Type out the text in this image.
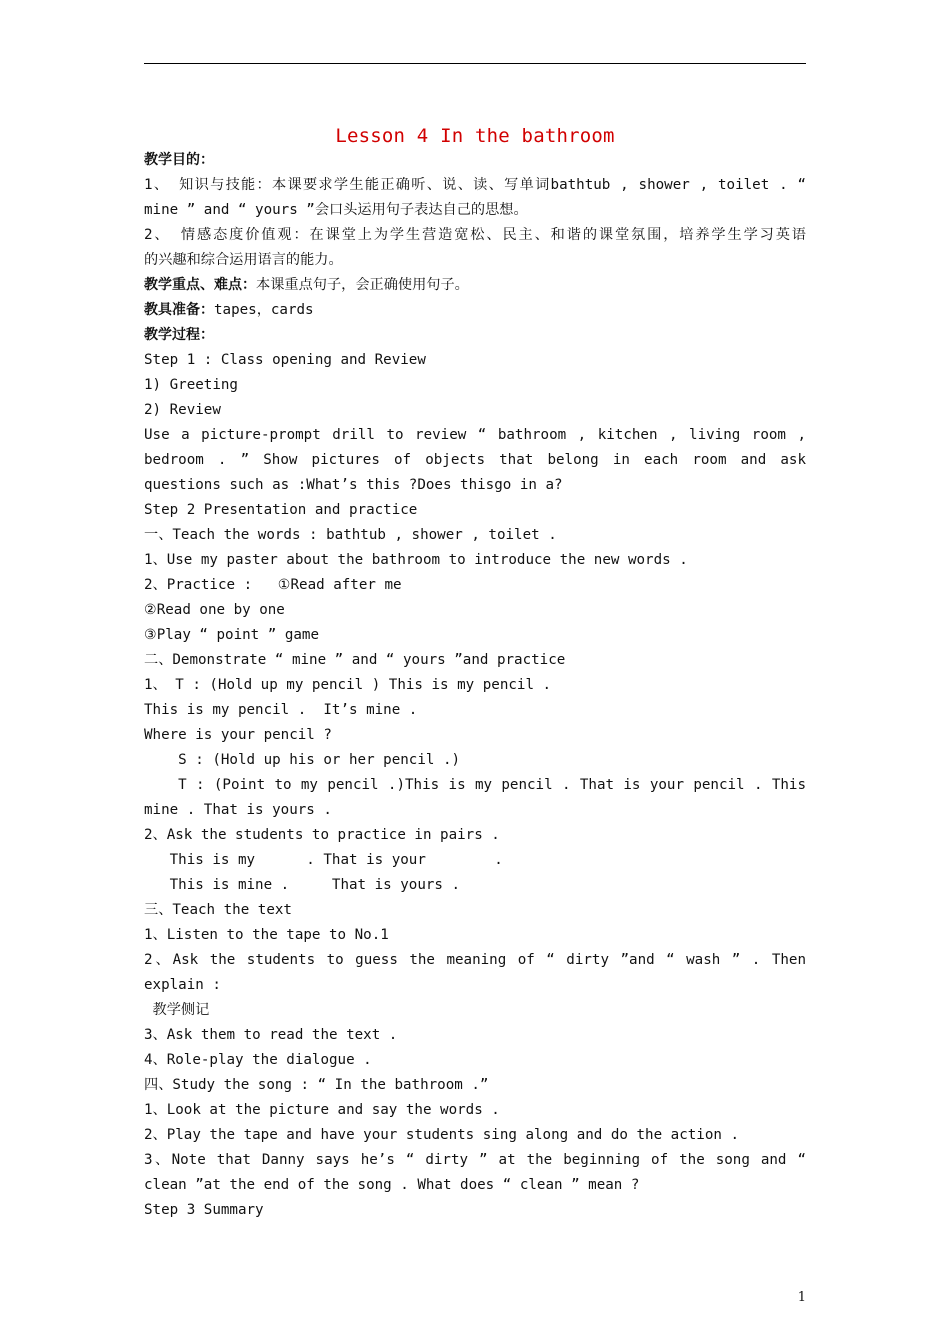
Lesson 4 In the bathroom
教学目的：
1、 知识与技能：本课要求学生能正确听、说、读、写单词bathtub , shower , toilet . “
mine ” and “ yours ”会口头运用句子表达自己的思想。
2、 情感态度价值观：在课堂上为学生营造宽松、民主、和谐的课堂氛围，培养学生学习英语
的兴趣和综合运用语言的能力。
教学重点、难点：本课重点句子，会正确使用句子。
教具准备：tapes，cards
教学过程：
Step 1 : Class opening and Review
1) Greeting
2) Review
Use a picture-prompt drill to review “ bathroom , kitchen , living room ,
bedroom . ” Show pictures of objects that belong in each room and ask
questions such as :What’s this ?Does thisgo in a?
Step 2 Presentation and practice
一、Teach the words : bathtub , shower , toilet .
1、Use my paster about the bathroom to introduce the new words .
2、Practice :   ①Read after me
②Read one by one
③Play “ point ” game
二、Demonstrate “ mine ” and “ yours ”and practice
1、 T : (Hold up my pencil ) This is my pencil .
This is my pencil .  It’s mine .
Where is your pencil ?
S : (Hold up his or her pencil .)
T : (Point to my pencil .)This is my pencil . That is your pencil . This
mine . That is yours .
2、Ask the students to practice in pairs .
This is my      . That is your        .
This is mine .     That is yours .
三、Teach the text
1、Listen to the tape to No.1
2、Ask the students to guess the meaning of “ dirty ”and “ wash ” . Then
explain :
教学侧记
3、Ask them to read the text .
4、Role-play the dialogue .
四、Study the song : “ In the bathroom .”
1、Look at the picture and say the words .
2、Play the tape and have your students sing along and do the action .
3、Note that Danny says he’s “ dirty ” at the beginning of the song and “
clean ”at the end of the song . What does “ clean ” mean ?
Step 3 Summary
1
